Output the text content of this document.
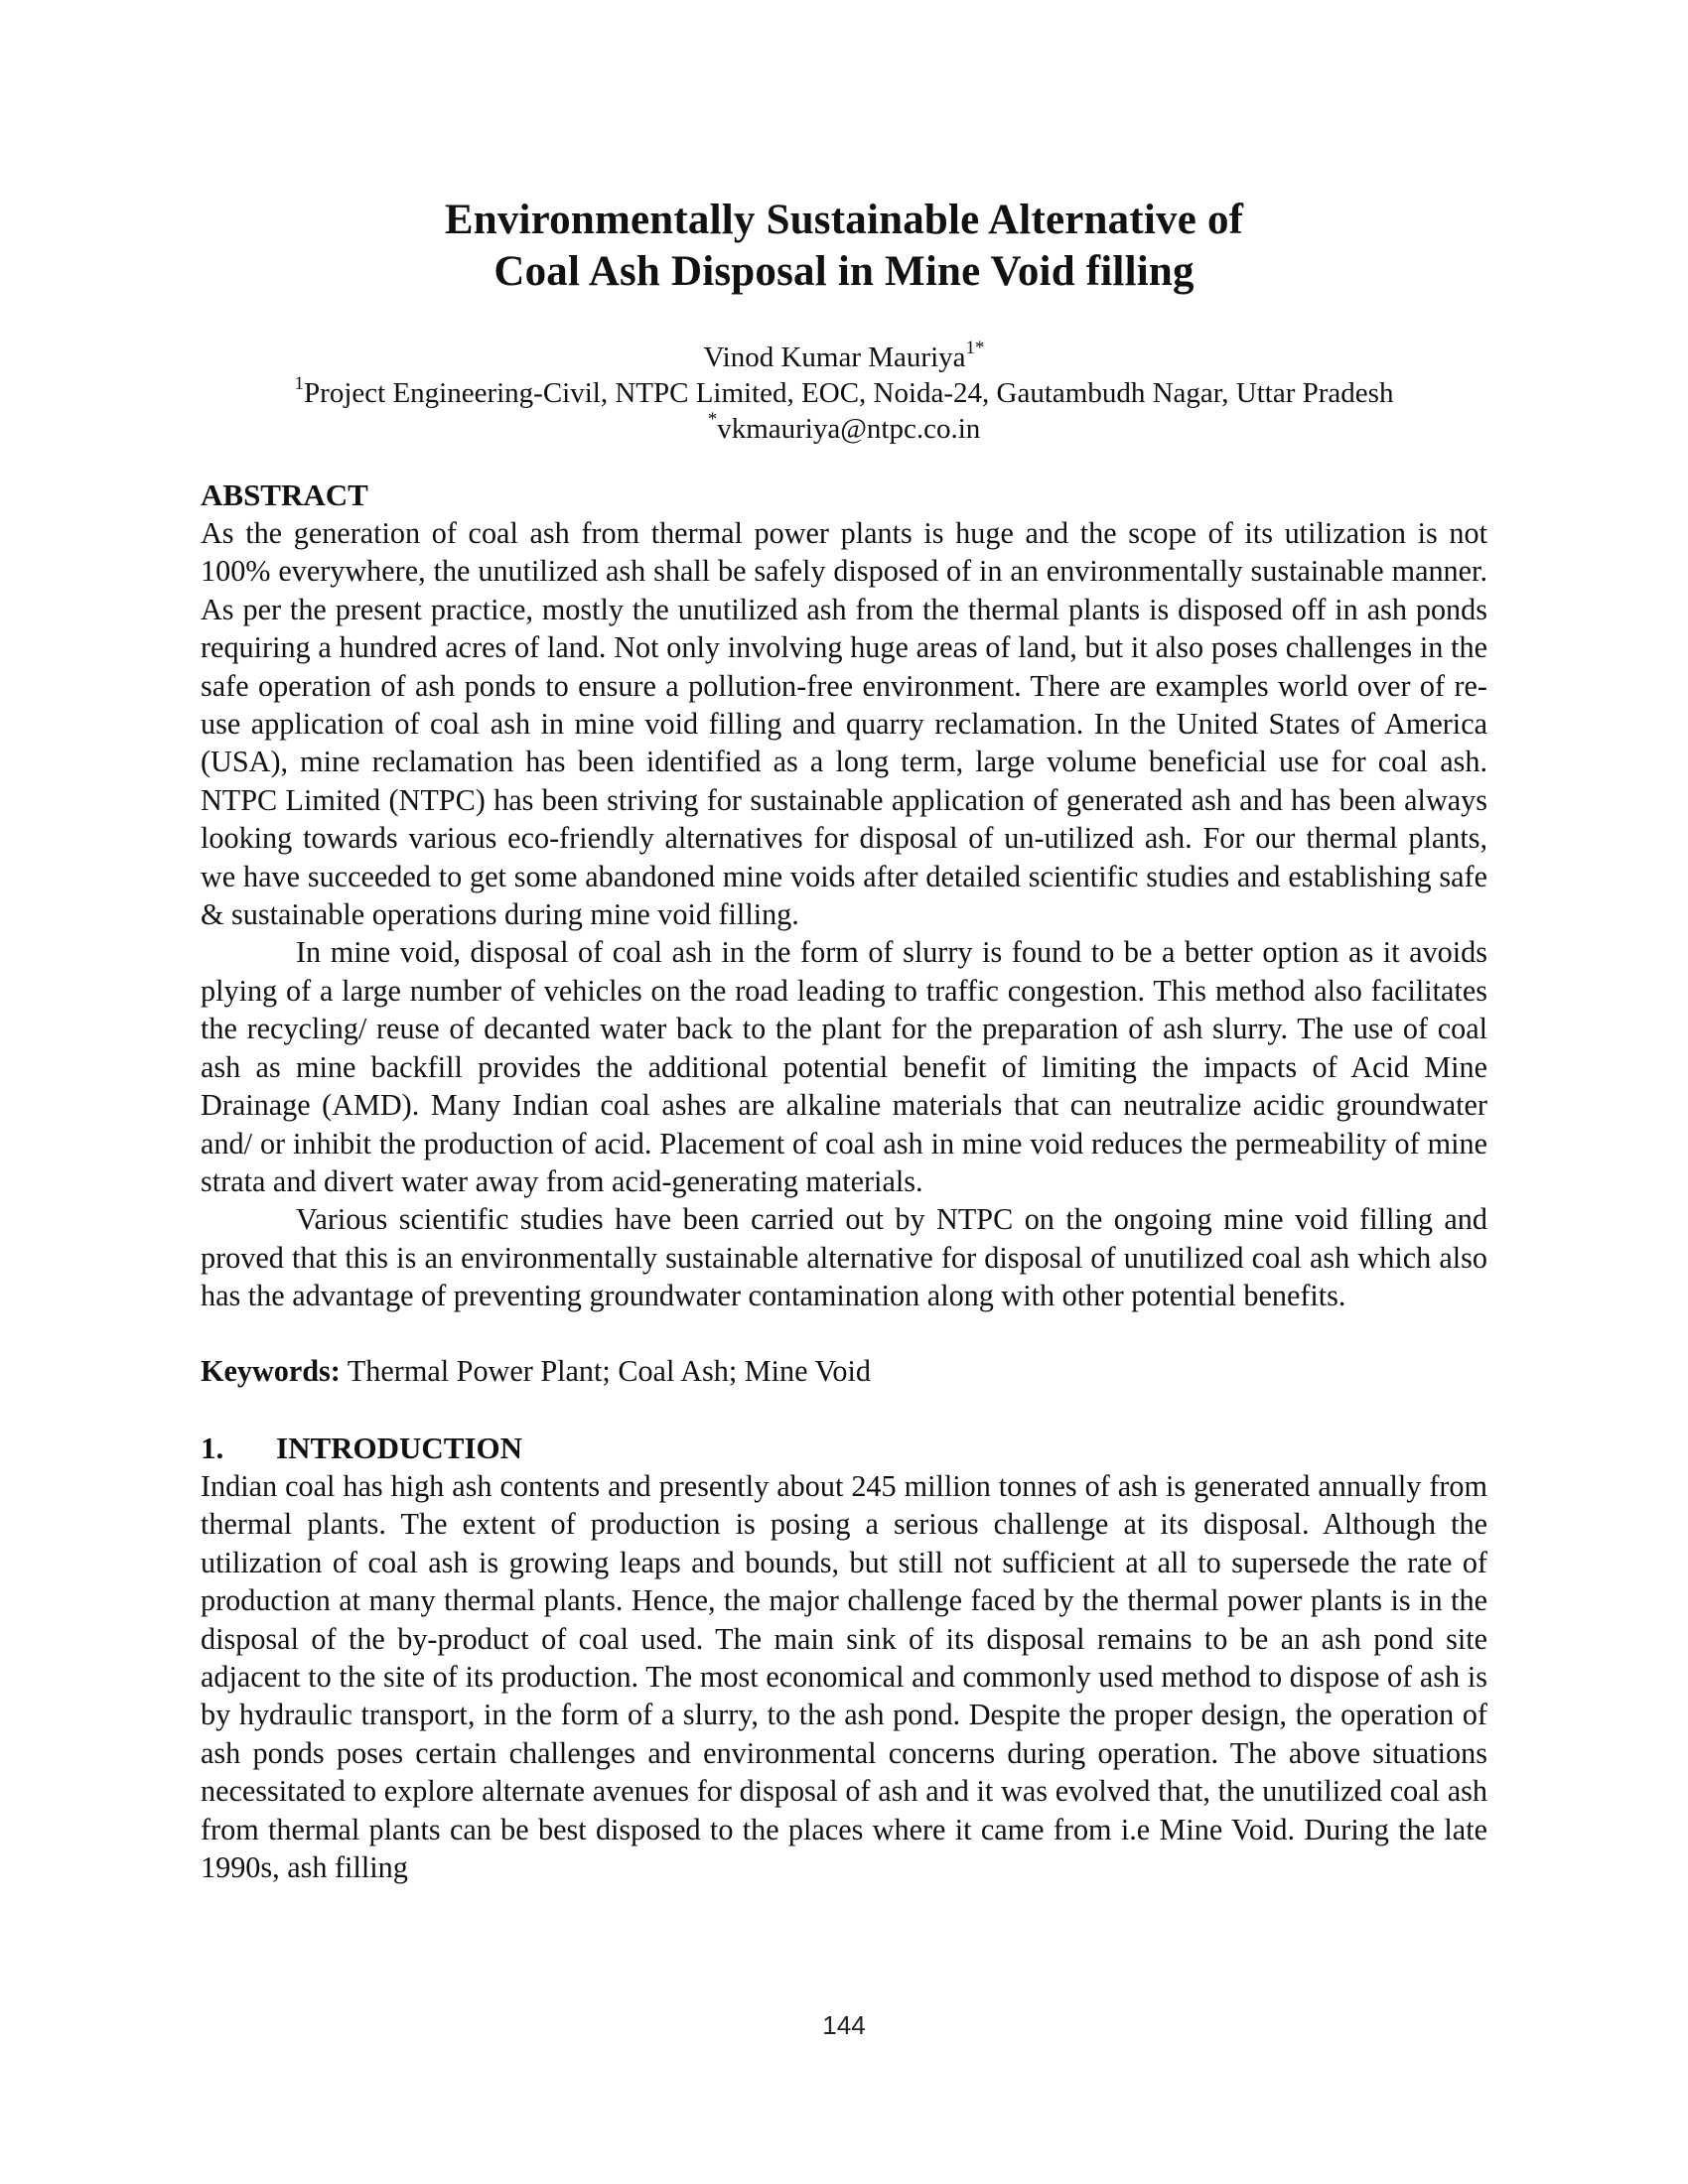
Environmentally Sustainable Alternative of
Coal Ash Disposal in Mine Void filling
Vinod Kumar Mauriya$^{1*}$
$^1$Project Engineering-Civil, NTPC Limited, EOC, Noida-24, Gautambudh Nagar, Uttar Pradesh
*vkmauriya@ntpc.co.in
ABSTRACT

As the generation of coal ash from thermal power plants is huge and the scope of its utilization is not 100% everywhere, the unutilized ash shall be safely disposed of in an environmentally sustainable manner. As per the present practice, mostly the unutilized ash from the thermal plants is disposed off in ash ponds requiring a hundred acres of land. Not only involving huge areas of land, but it also poses challenges in the safe operation of ash ponds to ensure a pollution-free environment. There are examples world over of re-use application of coal ash in mine void filling and quarry reclamation. In the United States of America (USA), mine reclamation has been identified as a long term, large volume beneficial use for coal ash. NTPC Limited (NTPC) has been striving for sustainable application of generated ash and has been always looking towards various eco-friendly alternatives for disposal of un-utilized ash. For our thermal plants, we have succeeded to get some abandoned mine voids after detailed scientific studies and establishing safe & sustainable operations during mine void filling.

In mine void, disposal of coal ash in the form of slurry is found to be a better option as it avoids plying of a large number of vehicles on the road leading to traffic congestion. This method also facilitates the recycling/ reuse of decanted water back to the plant for the preparation of ash slurry. The use of coal ash as mine backfill provides the additional potential benefit of limiting the impacts of Acid Mine Drainage (AMD). Many Indian coal ashes are alkaline materials that can neutralize acidic groundwater and/ or inhibit the production of acid. Placement of coal ash in mine void reduces the permeability of mine strata and divert water away from acid-generating materials.

Various scientific studies have been carried out by NTPC on the ongoing mine void filling and proved that this is an environmentally sustainable alternative for disposal of unutilized coal ash which also has the advantage of preventing groundwater contamination along with other potential benefits.

Keywords: Thermal Power Plant; Coal Ash; Mine Void
1. INTRODUCTION

Indian coal has high ash contents and presently about 245 million tonnes of ash is generated annually from thermal plants. The extent of production is posing a serious challenge at its disposal. Although the utilization of coal ash is growing leaps and bounds, but still not sufficient at all to supersede the rate of production at many thermal plants. Hence, the major challenge faced by the thermal power plants is in the disposal of the by-product of coal used. The main sink of its disposal remains to be an ash pond site adjacent to the site of its production. The most economical and commonly used method to dispose of ash is by hydraulic transport, in the form of a slurry, to the ash pond. Despite the proper design, the operation of ash ponds poses certain challenges and environmental concerns during operation. The above situations necessitated to explore alternate avenues for disposal of ash and it was evolved that, the unutilized coal ash from thermal plants can be best disposed to the places where it came from i.e Mine Void. During the late 1990s, ash filling

144
